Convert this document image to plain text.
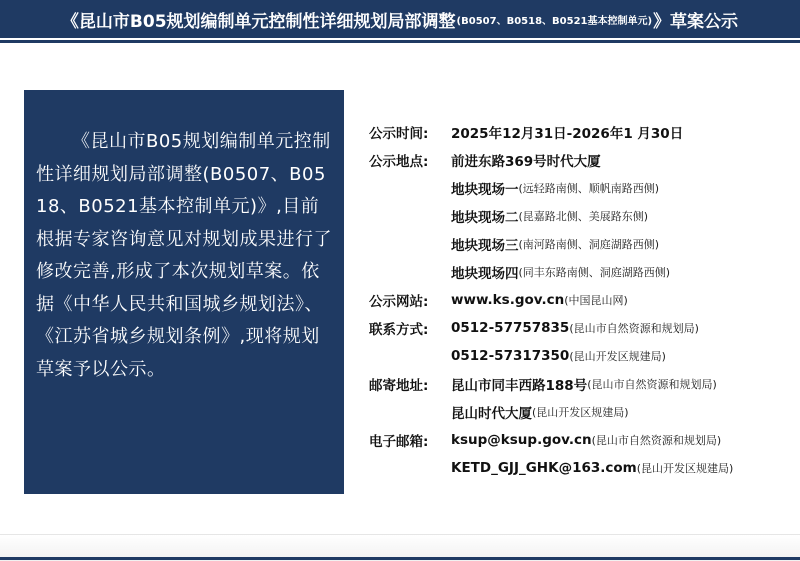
《昆山市B05规划编制单元控制性详细规划局部调整 (B0507、B0518、B0521基本控制单元) 》草案公示

《昆山市B05规划编制单元控制性详细规划局部调整(B0507、B0518、B0521基本控制单元)》,目前根据专家咨询意见对规划成果进行了修改完善,形成了本次规划草案。依据《中华人民共和国城乡规划法》、《江苏省城乡规划条例》,现将规划草案予以公示。

公示时间:	2025年12月31日-2026年1 月30日
公示地点:	前进东路369号时代大厦
地块现场一 (远轻路南侧、顺帆南路西侧)
地块现场二 (昆嘉路北侧、美展路东侧)
地块现场三 (南河路南侧、洞庭湖路西侧)
地块现场四 (同丰东路南侧、洞庭湖路西侧)
公示网站:	www.ks.gov.cn (中国昆山网)
联系方式:	0512-57757835 (昆山市自然资源和规划局)
0512-57317350 (昆山开发区规建局)
邮寄地址:	昆山市同丰西路188号 (昆山市自然资源和规划局)
昆山时代大厦 (昆山开发区规建局)
电子邮箱:	ksup@ksup.gov.cn (昆山市自然资源和规划局)
KETD_GJJ_GHK@163.com (昆山开发区规建局)
